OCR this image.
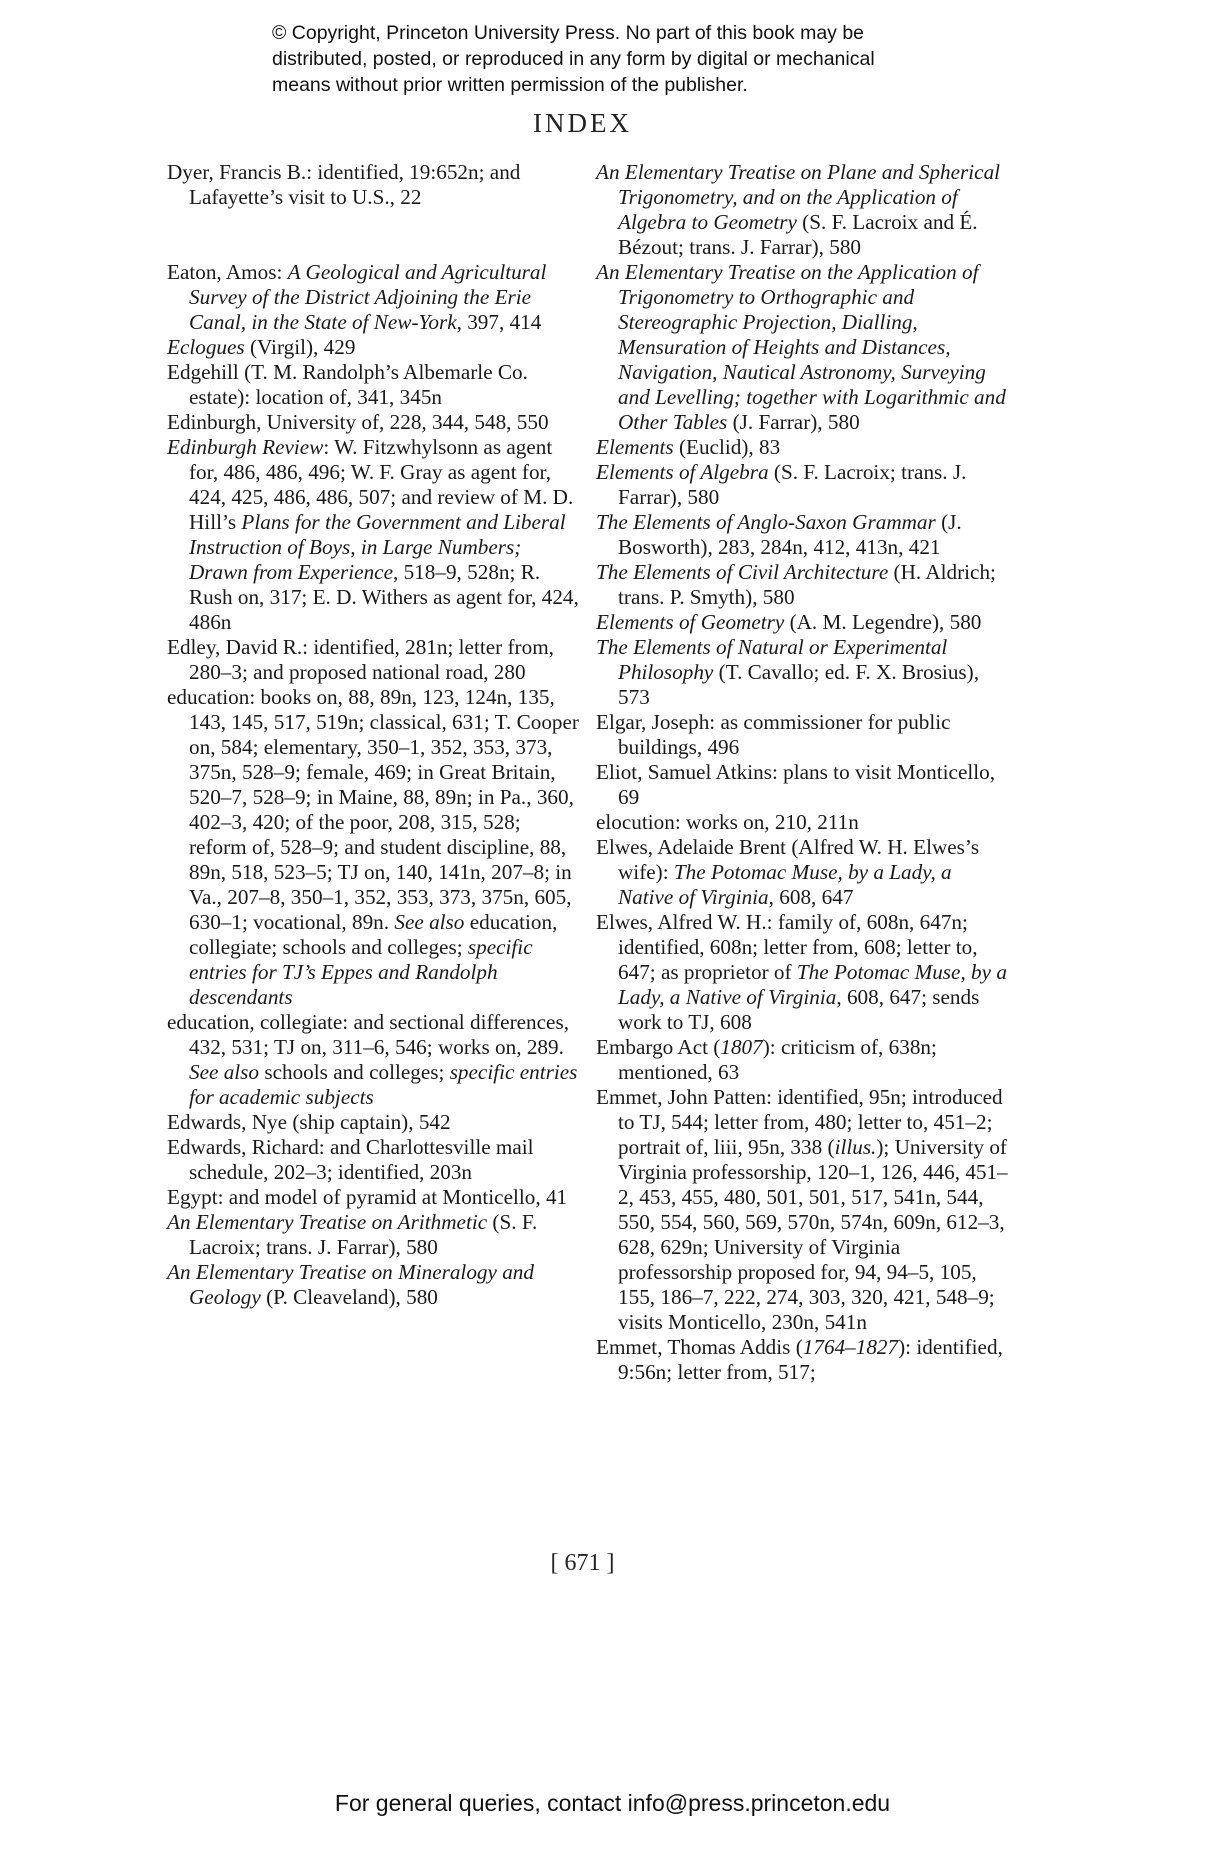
© Copyright, Princeton University Press. No part of this book may be
distributed, posted, or reproduced in any form by digital or mechanical
means without prior written permission of the publisher.
INDEX
Dyer, Francis B.: identified, 19:652n; and Lafayette’s visit to U.S., 22
Eaton, Amos: A Geological and Agricultural Survey of the District Adjoining the Erie Canal, in the State of New-York, 397, 414
Eclogues (Virgil), 429
Edgehill (T. M. Randolph’s Albemarle Co. estate): location of, 341, 345n
Edinburgh, University of, 228, 344, 548, 550
Edinburgh Review: W. Fitzwhylsonn as agent for, 486, 486, 496; W. F. Gray as agent for, 424, 425, 486, 486, 507; and review of M. D. Hill’s Plans for the Government and Liberal Instruction of Boys, in Large Numbers; Drawn from Experience, 518–9, 528n; R. Rush on, 317; E. D. Withers as agent for, 424, 486n
Edley, David R.: identified, 281n; letter from, 280–3; and proposed national road, 280
education: books on, 88, 89n, 123, 124n, 135, 143, 145, 517, 519n; classical, 631; T. Cooper on, 584; elementary, 350–1, 352, 353, 373, 375n, 528–9; female, 469; in Great Britain, 520–7, 528–9; in Maine, 88, 89n; in Pa., 360, 402–3, 420; of the poor, 208, 315, 528; reform of, 528–9; and student discipline, 88, 89n, 518, 523–5; TJ on, 140, 141n, 207–8; in Va., 207–8, 350–1, 352, 353, 373, 375n, 605, 630–1; vocational, 89n. See also education, collegiate; schools and colleges; specific entries for TJ’s Eppes and Randolph descendants
education, collegiate: and sectional differences, 432, 531; TJ on, 311–6, 546; works on, 289. See also schools and colleges; specific entries for academic subjects
Edwards, Nye (ship captain), 542
Edwards, Richard: and Charlottesville mail schedule, 202–3; identified, 203n
Egypt: and model of pyramid at Monticello, 41
An Elementary Treatise on Arithmetic (S. F. Lacroix; trans. J. Farrar), 580
An Elementary Treatise on Mineralogy and Geology (P. Cleaveland), 580
An Elementary Treatise on Plane and Spherical Trigonometry, and on the Application of Algebra to Geometry (S. F. Lacroix and É. Bézout; trans. J. Farrar), 580
An Elementary Treatise on the Application of Trigonometry to Orthographic and Stereographic Projection, Dialling, Mensuration of Heights and Distances, Navigation, Nautical Astronomy, Surveying and Levelling; together with Logarithmic and Other Tables (J. Farrar), 580
Elements (Euclid), 83
Elements of Algebra (S. F. Lacroix; trans. J. Farrar), 580
The Elements of Anglo-Saxon Grammar (J. Bosworth), 283, 284n, 412, 413n, 421
The Elements of Civil Architecture (H. Aldrich; trans. P. Smyth), 580
Elements of Geometry (A. M. Legendre), 580
The Elements of Natural or Experimental Philosophy (T. Cavallo; ed. F. X. Brosius), 573
Elgar, Joseph: as commissioner for public buildings, 496
Eliot, Samuel Atkins: plans to visit Monticello, 69
elocution: works on, 210, 211n
Elwes, Adelaide Brent (Alfred W. H. Elwes’s wife): The Potomac Muse, by a Lady, a Native of Virginia, 608, 647
Elwes, Alfred W. H.: family of, 608n, 647n; identified, 608n; letter from, 608; letter to, 647; as proprietor of The Potomac Muse, by a Lady, a Native of Virginia, 608, 647; sends work to TJ, 608
Embargo Act (1807): criticism of, 638n; mentioned, 63
Emmet, John Patten: identified, 95n; introduced to TJ, 544; letter from, 480; letter to, 451–2; portrait of, liii, 95n, 338 (illus.); University of Virginia professorship, 120–1, 126, 446, 451–2, 453, 455, 480, 501, 501, 517, 541n, 544, 550, 554, 560, 569, 570n, 574n, 609n, 612–3, 628, 629n; University of Virginia professorship proposed for, 94, 94–5, 105, 155, 186–7, 222, 274, 303, 320, 421, 548–9; visits Monticello, 230n, 541n
Emmet, Thomas Addis (1764–1827): identified, 9:56n; letter from, 517;
[ 671 ]
For general queries, contact info@press.princeton.edu
